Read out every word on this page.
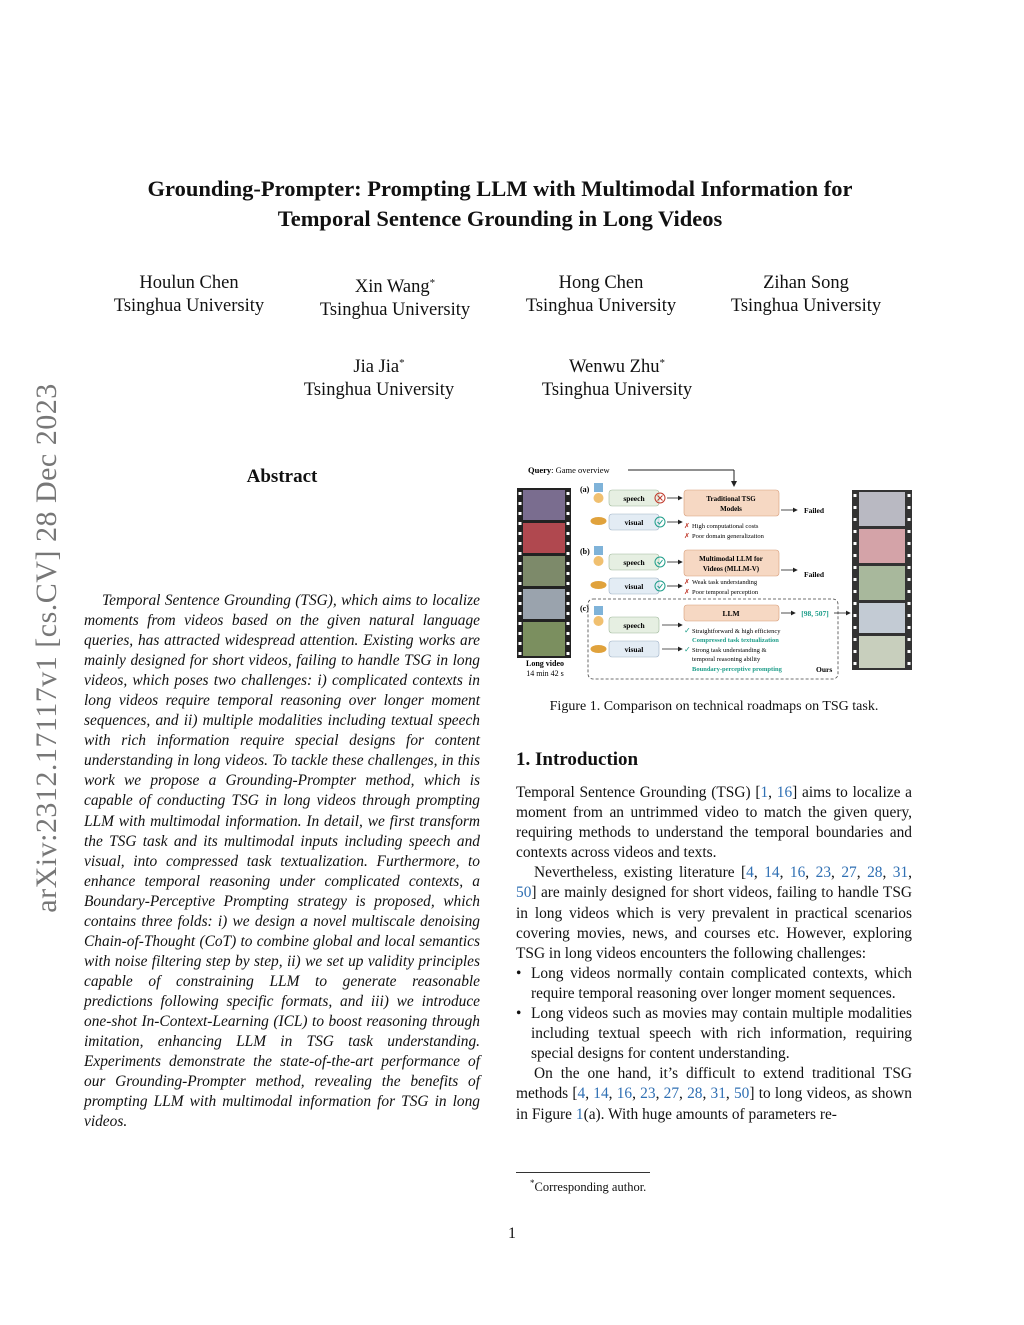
arXiv:2312.17117v1 [cs.CV] 28 Dec 2023
Grounding-Prompter: Prompting LLM with Multimodal Information for
Temporal Sentence Grounding in Long Videos
Houlun Chen
Tsinghua University
Xin Wang*
Tsinghua University
Hong Chen
Tsinghua University
Zihan Song
Tsinghua University
Jia Jia*
Tsinghua University
Wenwu Zhu*
Tsinghua University
Abstract

Temporal Sentence Grounding (TSG), which aims to localize moments from videos based on the given natural language queries, has attracted widespread attention. Existing works are mainly designed for short videos, failing to handle TSG in long videos, which poses two challenges: i) complicated contexts in long videos require temporal reasoning over longer moment sequences, and ii) multiple modalities including textual speech with rich information require special designs for content understanding in long videos. To tackle these challenges, in this work we propose a Grounding-Prompter method, which is capable of conducting TSG in long videos through prompting LLM with multimodal information. In detail, we first transform the TSG task and its multimodal inputs including speech and visual, into compressed task textualization. Furthermore, to enhance temporal reasoning under complicated contexts, a Boundary-Perceptive Prompting strategy is proposed, which contains three folds: i) we design a novel multiscale denoising Chain-of-Thought (CoT) to combine global and local semantics with noise filtering step by step, ii) we set up validity principles capable of constraining LLM to generate reasonable predictions following specific formats, and iii) we introduce one-shot In-Context-Learning (ICL) to boost reasoning through imitation, enhancing LLM in TSG task understanding. Experiments demonstrate the state-of-the-art performance of our Grounding-Prompter method, revealing the benefits of prompting LLM with multimodal information for TSG in long videos.

Query: Game overview
Long video
14 min 42 s
(a)
(b)
(c)
speech
visual
Traditional TSG
Models	Failed
✗ High computational costs
✗ Poor domain generalizaiton
speech
visual
Multimodal LLM for
Videos (MLLM-V)
Failed
✗ Weak task understanding
✗ Poor temporal perception
speech
visual
LLM	[98, 507]
✓ Straightforward & high efficiency
Compressed task textualization
✓ Strong task understanding &
temporal reasoning ability
Boundary-perceptive prompting	Ours
Figure 1. Comparison on technical roadmaps on TSG task.
1. Introduction

Temporal Sentence Grounding (TSG) [1, 16] aims to localize a moment from an untrimmed video to match the given query, requiring methods to understand the temporal boundaries and contexts across videos and texts.

Nevertheless, existing literature [4, 14, 16, 23, 27, 28, 31, 50] are mainly designed for short videos, failing to handle TSG in long videos which is very prevalent in practical scenarios covering movies, news, and courses etc. However, exploring TSG in long videos encounters the following challenges:

• Long videos normally contain complicated contexts, which require temporal reasoning over longer moment sequences.
• Long videos such as movies may contain multiple modalities including textual speech with rich information, requiring special designs for content understanding.

On the one hand, it’s difficult to extend traditional TSG methods [4, 14, 16, 23, 27, 28, 31, 50] to long videos, as shown in Figure 1(a). With huge amounts of parameters re-

*Corresponding author.
1
